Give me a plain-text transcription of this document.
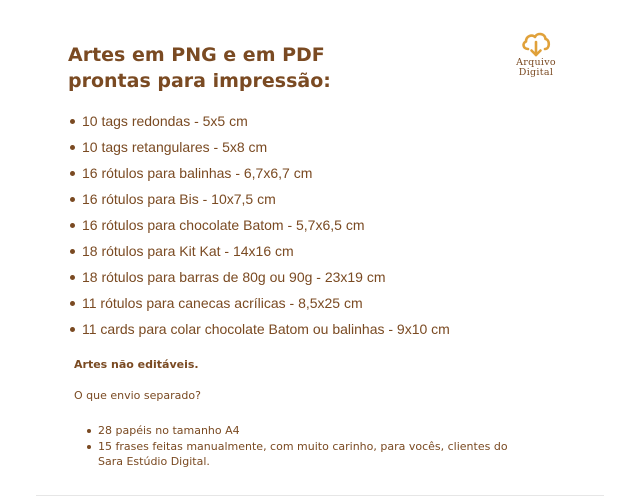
Artes em PNG e em PDF
prontas para impressão:
Arquivo
Digital
10 tags redondas - 5x5 cm
10 tags retangulares - 5x8 cm
16 rótulos para balinhas - 6,7x6,7 cm
16 rótulos para Bis - 10x7,5 cm
16 rótulos para chocolate Batom - 5,7x6,5 cm
18 rótulos para Kit Kat - 14x16 cm
18 rótulos para barras de 80g ou 90g - 23x19 cm
11 rótulos para canecas acrílicas - 8,5x25 cm
11 cards para colar chocolate Batom ou balinhas - 9x10 cm
Artes não editáveis.
O que envio separado?
28 papéis no tamanho A4
15 frases feitas manualmente, com muito carinho, para vocês, clientes do Sara Estúdio Digital.
